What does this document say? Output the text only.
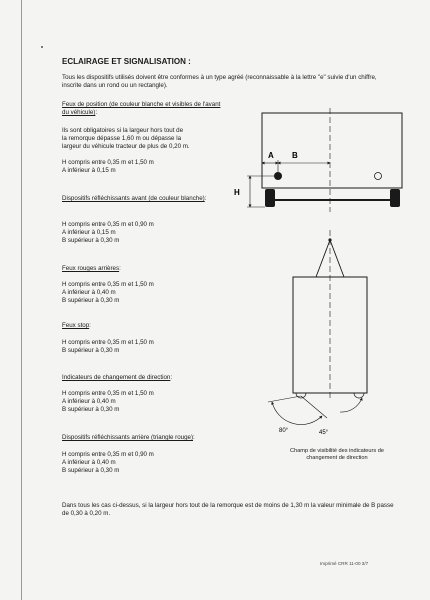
ECLAIRAGE ET SIGNALISATION :
Tous les dispositifs utilisés doivent être conformes à un type agréé (reconnaissable à la lettre "e" suivie d'un chiffre, inscrite dans un rond ou un rectangle).
Feux de position (de couleur blanche et visibles de l'avant du véhicule):
Ils sont obligatoires si la largeur hors tout de
la remorque dépasse 1,60 m ou dépasse la
largeur du véhicule tracteur de plus de 0,20 m.

H compris entre 0,35 m et 1,50 m
A inférieur à 0,15 m
Dispositifs réfléchissants avant (de couleur blanche):
H compris entre 0,35 m et 0,90 m
A inférieur à 0,15 m
B supérieur à 0,30 m
Feux rouges arrières:
H compris entre 0,35 m et 1,50 m
A inférieur à 0,40 m
B supérieur à 0,30 m
Feux stop:
H compris entre 0,35 m et 1,50 m
B supérieur à 0,30 m
Indicateurs de changement de direction:
H compris entre 0,35 m et 1,50 m
A inférieur à 0,40 m
B supérieur à 0,30 m
Dispositifs réfléchissants arrière (triangle rouge):
H compris entre 0,35 m et 0,90 m
A inférieur à 0,40 m
B supérieur à 0,30 m
A B
H
80°	45°
Champ de visibilité des indicateurs de changement de direction
Dans tous les cas ci-dessus, si la largeur hors tout de la remorque est de moins de 1,30 m la valeur minimale de B passe de 0,30 à 0,20 m.
Imprimé CRR 11-00 3/7
